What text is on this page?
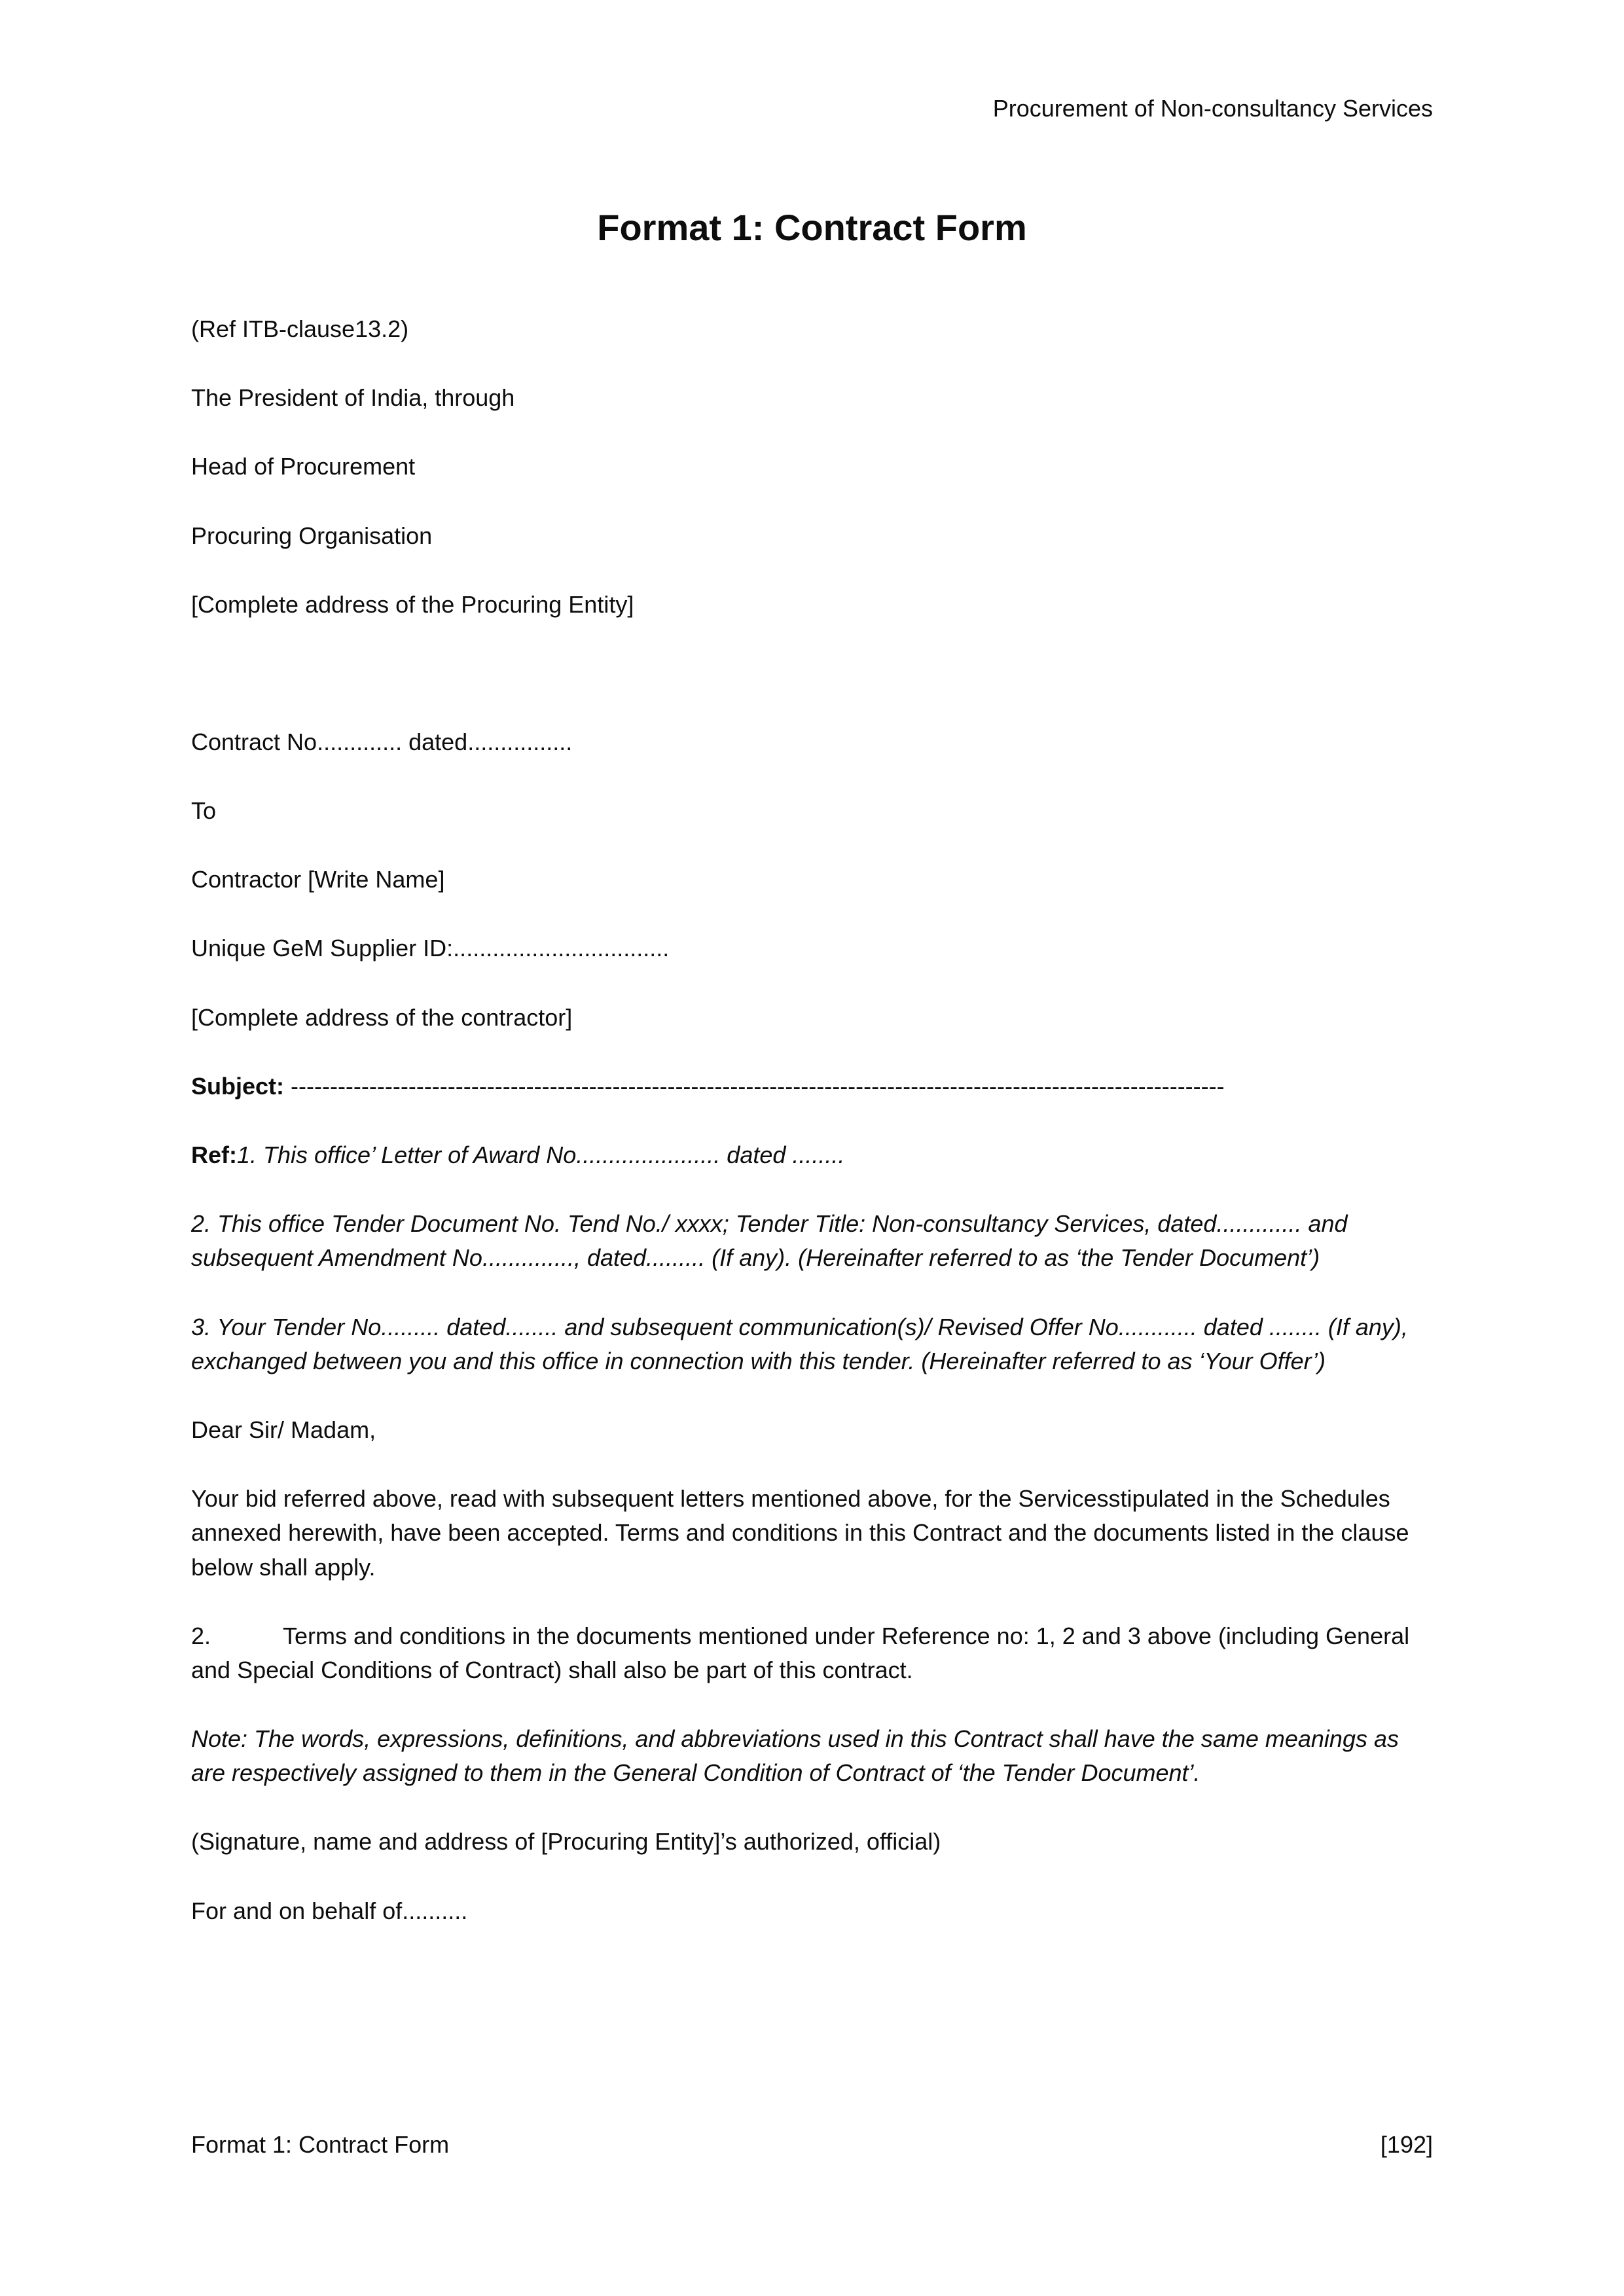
Procurement of Non-consultancy Services
Format 1: Contract Form

(Ref ITB-clause13.2)

The President of India, through

Head of Procurement

Procuring Organisation

[Complete address of the Procuring Entity]

Contract No............. dated................

To

Contractor [Write Name]

Unique GeM Supplier ID:.................................

[Complete address of the contractor]

Subject: -----------------------------------------------------------------------------------------------------------------------

Ref:1. This office’ Letter of Award No...................... dated ........

2. This office Tender Document No. Tend No./ xxxx; Tender Title: Non-consultancy Services, dated............. and subsequent Amendment No.............., dated......... (If any). (Hereinafter referred to as ‘the Tender Document’)

3. Your Tender No......... dated........ and subsequent communication(s)/ Revised Offer No............ dated ........ (If any), exchanged between you and this office in connection with this tender. (Hereinafter referred to as ‘Your Offer’)

Dear Sir/ Madam,

Your bid referred above, read with subsequent letters mentioned above, for the Servicesstipulated in the Schedules annexed herewith, have been accepted. Terms and conditions in this Contract and the documents listed in the clause below shall apply.

2.	Terms and conditions in the documents mentioned under Reference no: 1, 2 and 3 above (including General and Special Conditions of Contract) shall also be part of this contract.

Note: The words, expressions, definitions, and abbreviations used in this Contract shall have the same meanings as are respectively assigned to them in the General Condition of Contract of ‘the Tender Document’.

(Signature, name and address of [Procuring Entity]’s authorized, official)

For and on behalf of..........

Format 1: Contract Form	[192]
